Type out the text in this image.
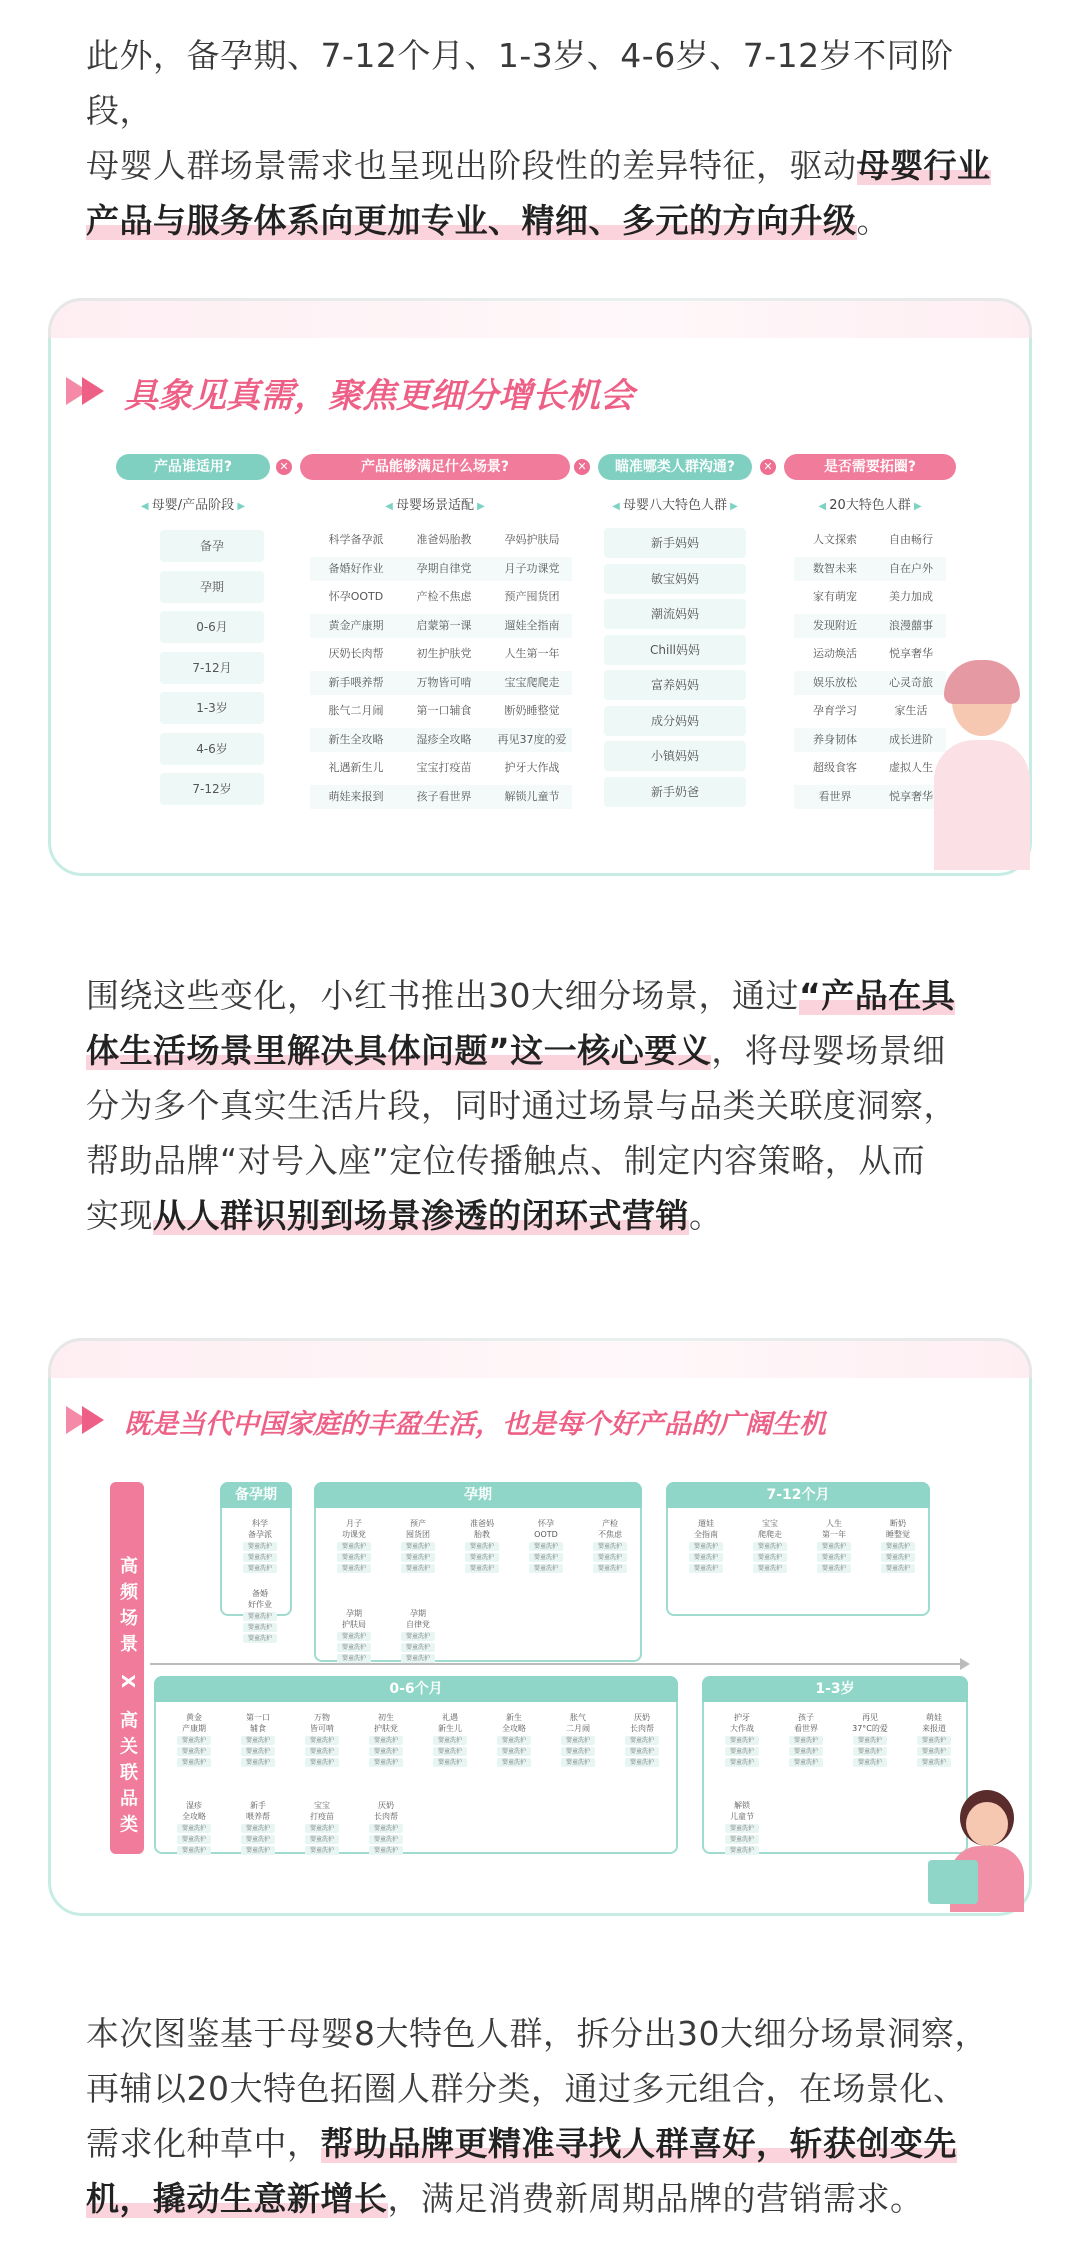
此外，备孕期、7-12个月、1-3岁、4-6岁、7-12岁不同阶段，
母婴人群场景需求也呈现出阶段性的差异特征，驱动母婴行业
产品与服务体系向更加专业、精细、多元的方向升级。
具象见真需，聚焦更细分增长机会
产品谁适用?	✕	产品能够满足什么场景?	✕	瞄准哪类人群沟通?	✕	是否需要拓圈?
◀ 母婴/产品阶段 ▶	◀ 母婴场景适配 ▶	◀ 母婴八大特色人群 ▶	◀ 20大特色人群 ▶
备孕
孕期
0-6月
7-12月
1-3岁
4-6岁
7-12岁
科学备孕派	准爸妈胎教	孕妈护肤局
备婚好作业	孕期自律党	月子功课党
怀孕OOTD	产检不焦虑	预产囤货团
黄金产康期	启蒙第一课	遛娃全指南
厌奶长肉帮	初生护肤党	人生第一年
新手喂养帮	万物皆可啃	宝宝爬爬走
胀气二月闹	第一口辅食	断奶睡整觉
新生全攻略	湿疹全攻略	再见37度的爱
礼遇新生儿	宝宝打疫苗	护牙大作战
萌娃来报到	孩子看世界	解锁儿童节
新手妈妈
敏宝妈妈
潮流妈妈
Chill妈妈
富养妈妈
成分妈妈
小镇妈妈
新手奶爸
人文探索	自由畅行
数智未来	自在户外
家有萌宠	美力加成
发现附近	浪漫囍事
运动焕活	悦享奢华
娱乐放松	心灵奇旅
孕育学习	家生活
养身韧体	成长进阶
超级食客	虚拟人生
看世界	悦享奢华
围绕这些变化，小红书推出30大细分场景，通过“产品在具
体生活场景里解决具体问题”这一核心要义，将母婴场景细
分为多个真实生活片段，同时通过场景与品类关联度洞察，
帮助品牌“对号入座”定位传播触点、制定内容策略，从而
实现从人群识别到场景渗透的闭环式营销。
既是当代中国家庭的丰盈生活，也是每个好产品的广阔生机
高频场景 X 高关联品类
备孕期
科学
备孕派
婴童洗护
婴童洗护
婴童洗护
备婚
好作业
婴童洗护
婴童洗护
婴童洗护
孕期
月子
功课党
婴童洗护
婴童洗护
婴童洗护
预产
囤货团
婴童洗护
婴童洗护
婴童洗护
准爸妈
胎教
婴童洗护
婴童洗护
婴童洗护
怀孕
OOTD
婴童洗护
婴童洗护
婴童洗护
产检
不焦虑
婴童洗护
婴童洗护
婴童洗护
孕期
护肤局
婴童洗护
婴童洗护
婴童洗护
孕期
自律党
婴童洗护
婴童洗护
婴童洗护
7-12个月
遛娃
全指南
婴童洗护
婴童洗护
婴童洗护
宝宝
爬爬走
婴童洗护
婴童洗护
婴童洗护
人生
第一年
婴童洗护
婴童洗护
婴童洗护
断奶
睡整觉
婴童洗护
婴童洗护
婴童洗护
0-6个月
黄金
产康期
婴童洗护
婴童洗护
婴童洗护
第一口
辅食
婴童洗护
婴童洗护
婴童洗护
万物
皆可啃
婴童洗护
婴童洗护
婴童洗护
初生
护肤党
婴童洗护
婴童洗护
婴童洗护
礼遇
新生儿
婴童洗护
婴童洗护
婴童洗护
新生
全攻略
婴童洗护
婴童洗护
婴童洗护
胀气
二月闹
婴童洗护
婴童洗护
婴童洗护
厌奶
长肉帮
婴童洗护
婴童洗护
婴童洗护
湿疹
全攻略
婴童洗护
婴童洗护
婴童洗护
新手
喂养帮
婴童洗护
婴童洗护
婴童洗护
宝宝
打疫苗
婴童洗护
婴童洗护
婴童洗护
厌奶
长肉帮
婴童洗护
婴童洗护
婴童洗护
1-3岁
护牙
大作战
婴童洗护
婴童洗护
婴童洗护
孩子
看世界
婴童洗护
婴童洗护
婴童洗护
再见
37°C的爱
婴童洗护
婴童洗护
婴童洗护
萌娃
来报道
婴童洗护
婴童洗护
婴童洗护
解锁
儿童节
婴童洗护
婴童洗护
婴童洗护
本次图鉴基于母婴8大特色人群，拆分出30大细分场景洞察，
再辅以20大特色拓圈人群分类，通过多元组合，在场景化、
需求化种草中，帮助品牌更精准寻找人群喜好，斩获创变先
机，撬动生意新增长，满足消费新周期品牌的营销需求。
